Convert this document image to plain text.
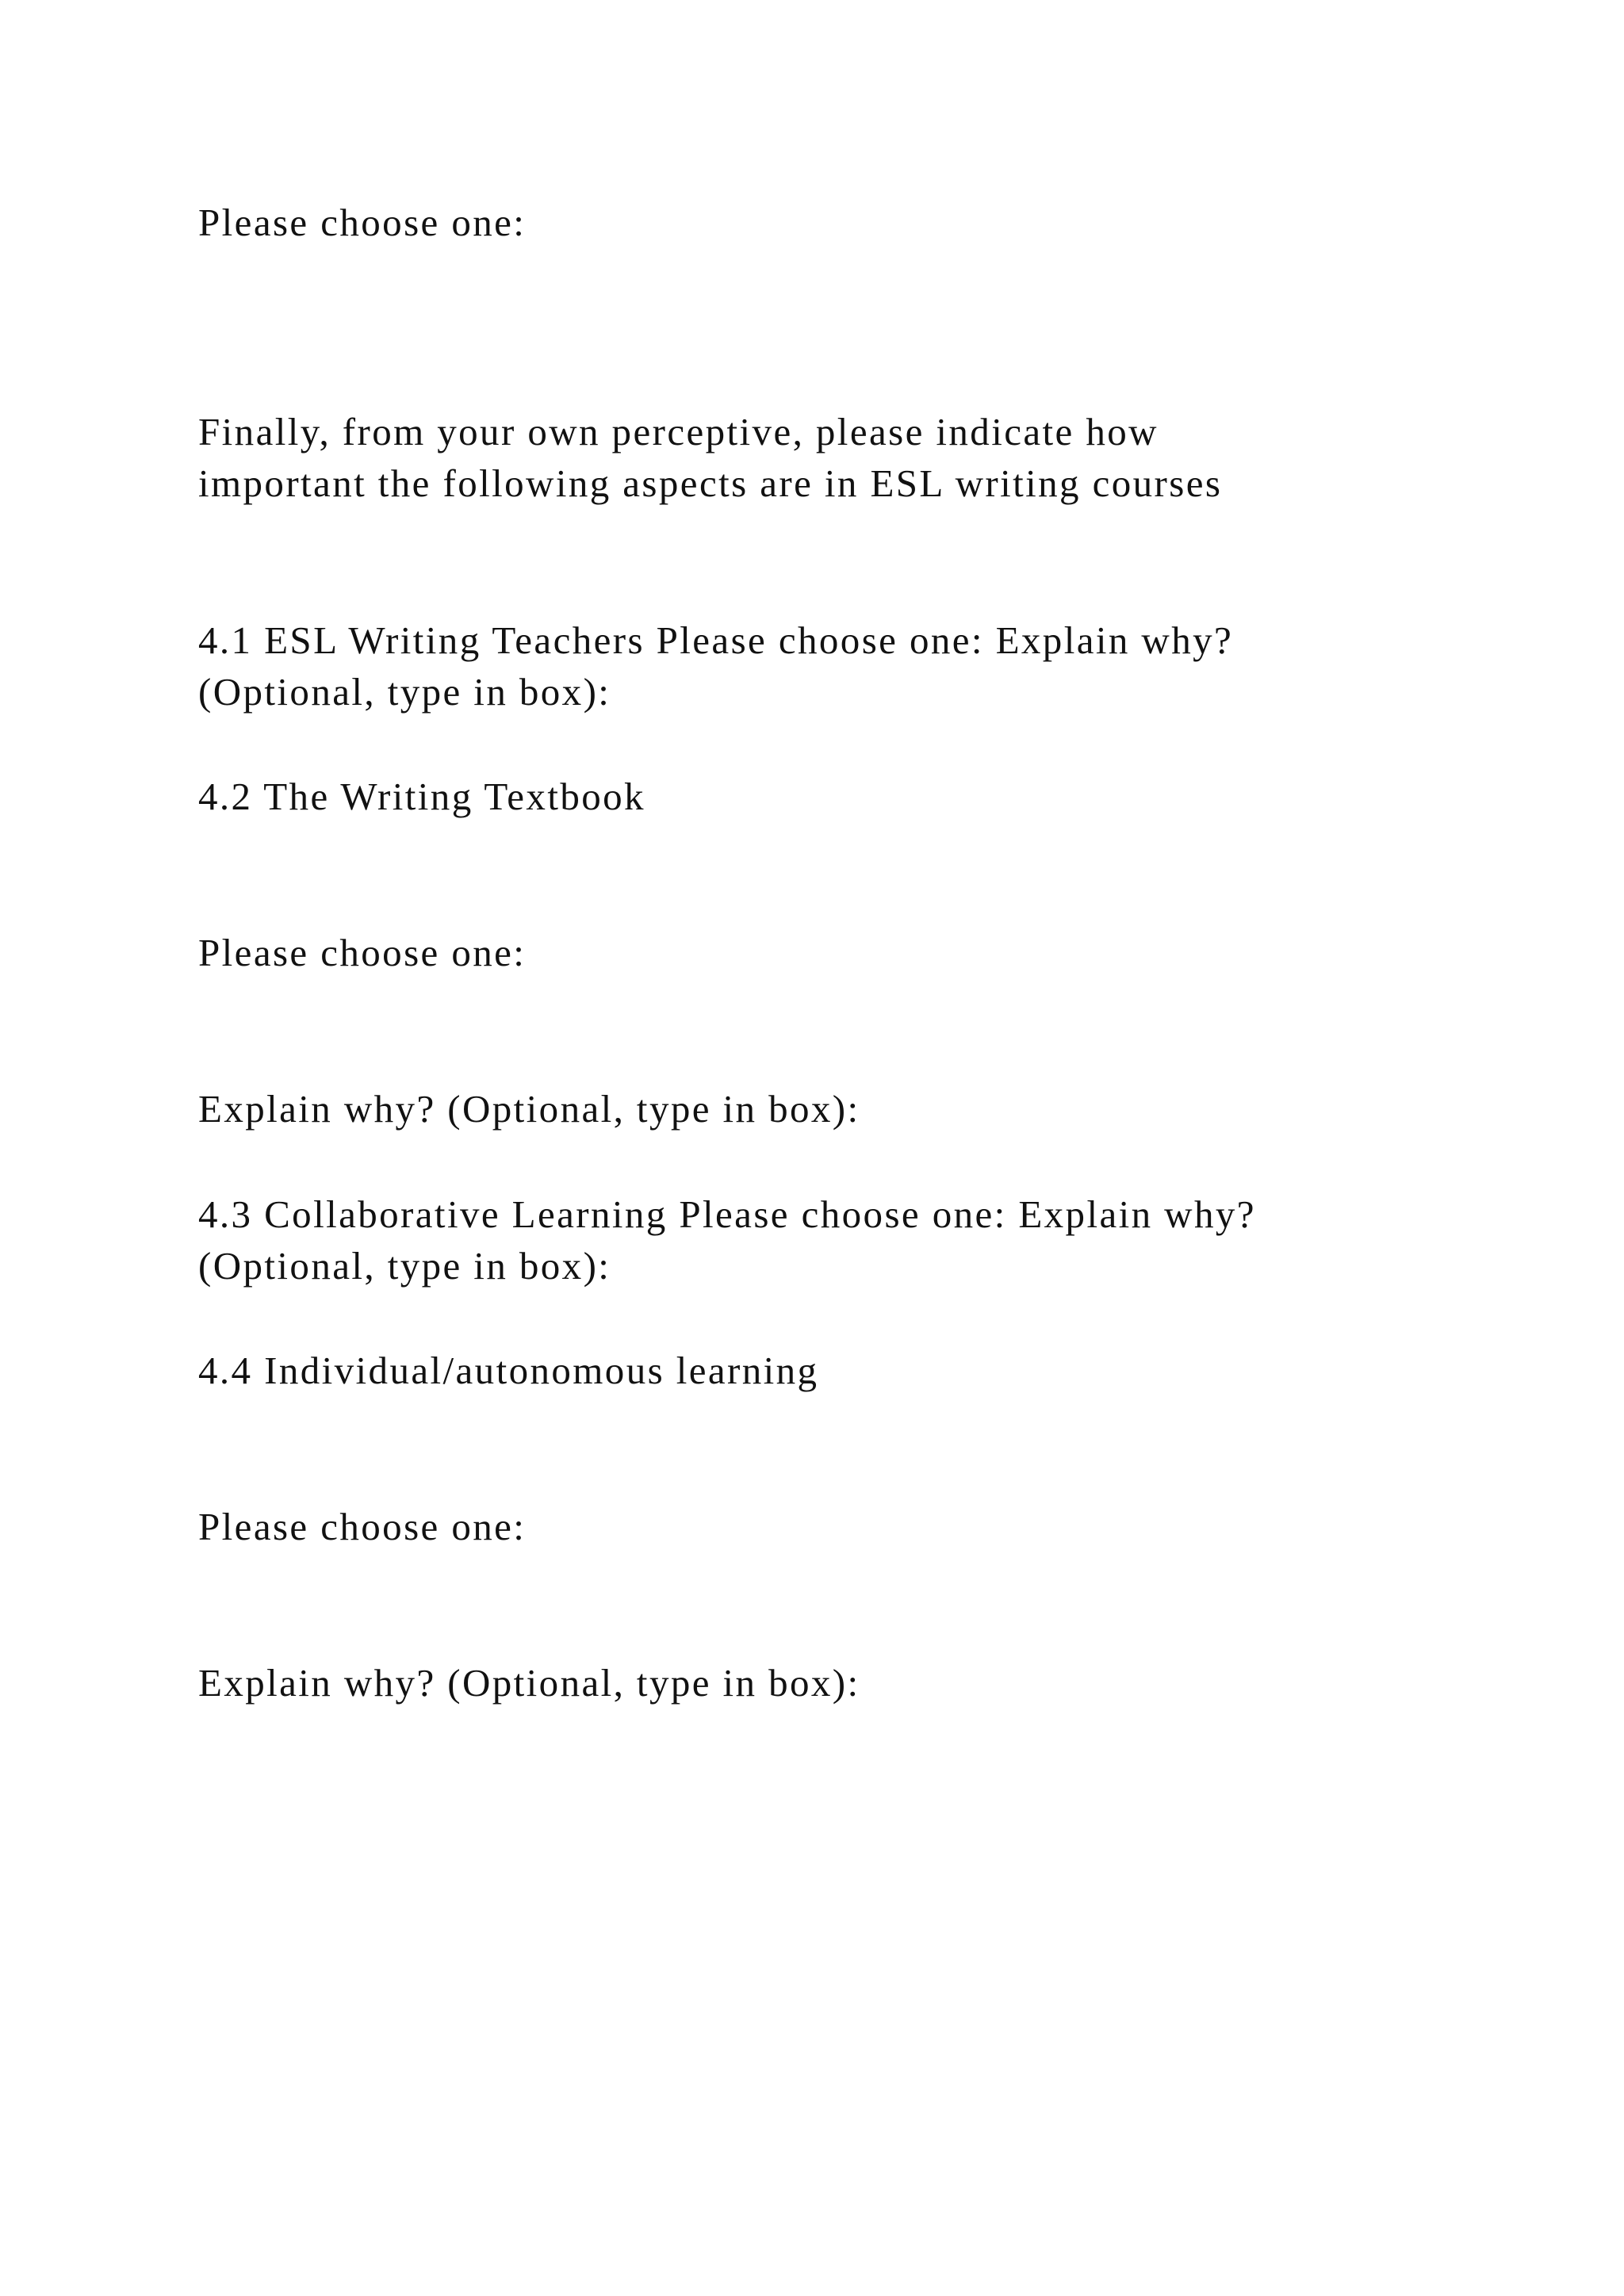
Please choose one:

Finally, from your own perceptive, please indicate how

important the following aspects are in ESL writing courses

4.1 ESL Writing Teachers Please choose one: Explain why?

(Optional, type in box):

4.2 The Writing Textbook

Please choose one:

Explain why? (Optional, type in box):

4.3 Collaborative Learning Please choose one: Explain why?

(Optional, type in box):

4.4 Individual/autonomous learning

Please choose one:

Explain why? (Optional, type in box):
